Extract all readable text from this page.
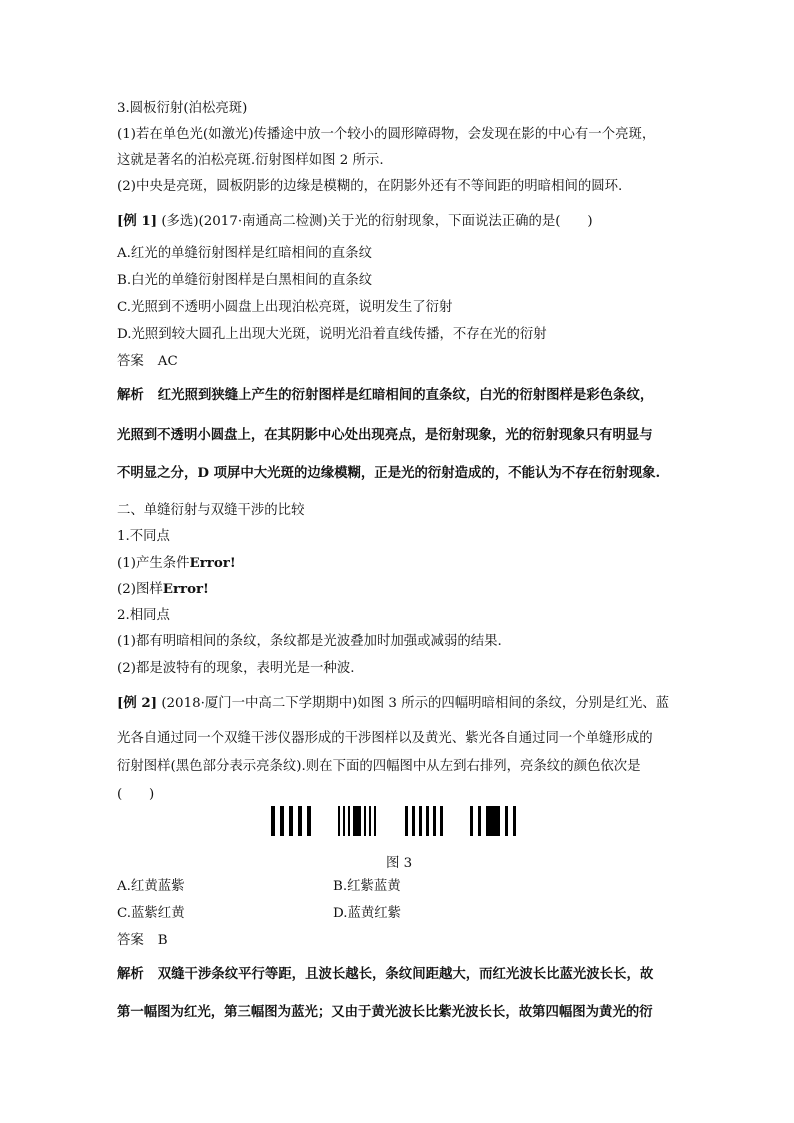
3.圆板衍射(泊松亮斑)
(1)若在单色光(如激光)传播途中放一个较小的圆形障碍物，会发现在影的中心有一个亮斑，
这就是著名的泊松亮斑.衍射图样如图 2 所示.
(2)中央是亮斑，圆板阴影的边缘是模糊的，在阴影外还有不等间距的明暗相间的圆环.
[例 1] (多选)(2017·南通高二检测)关于光的衍射现象，下面说法正确的是(　　)
A.红光的单缝衍射图样是红暗相间的直条纹
B.白光的单缝衍射图样是白黑相间的直条纹
C.光照到不透明小圆盘上出现泊松亮斑，说明发生了衍射
D.光照到较大圆孔上出现大光斑，说明光沿着直线传播，不存在光的衍射
答案 AC
解析 红光照到狭缝上产生的衍射图样是红暗相间的直条纹，白光的衍射图样是彩色条纹，
光照到不透明小圆盘上，在其阴影中心处出现亮点，是衍射现象，光的衍射现象只有明显与
不明显之分，D 项屏中大光斑的边缘模糊，正是光的衍射造成的，不能认为不存在衍射现象.
二、单缝衍射与双缝干涉的比较
1.不同点
(1)产生条件Error!
(2)图样Error!
2.相同点
(1)都有明暗相间的条纹，条纹都是光波叠加时加强或减弱的结果.
(2)都是波特有的现象，表明光是一种波.
[例 2] (2018·厦门一中高二下学期期中)如图 3 所示的四幅明暗相间的条纹，分别是红光、蓝
光各自通过同一个双缝干涉仪器形成的干涉图样以及黄光、紫光各自通过同一个单缝形成的
衍射图样(黑色部分表示亮条纹).则在下面的四幅图中从左到右排列，亮条纹的颜色依次是
(　　)
图 3
A.红黄蓝紫	B.红紫蓝黄
C.蓝紫红黄	D.蓝黄红紫
答案 B
解析 双缝干涉条纹平行等距，且波长越长，条纹间距越大，而红光波长比蓝光波长长，故
第一幅图为红光，第三幅图为蓝光；又由于黄光波长比紫光波长长，故第四幅图为黄光的衍
